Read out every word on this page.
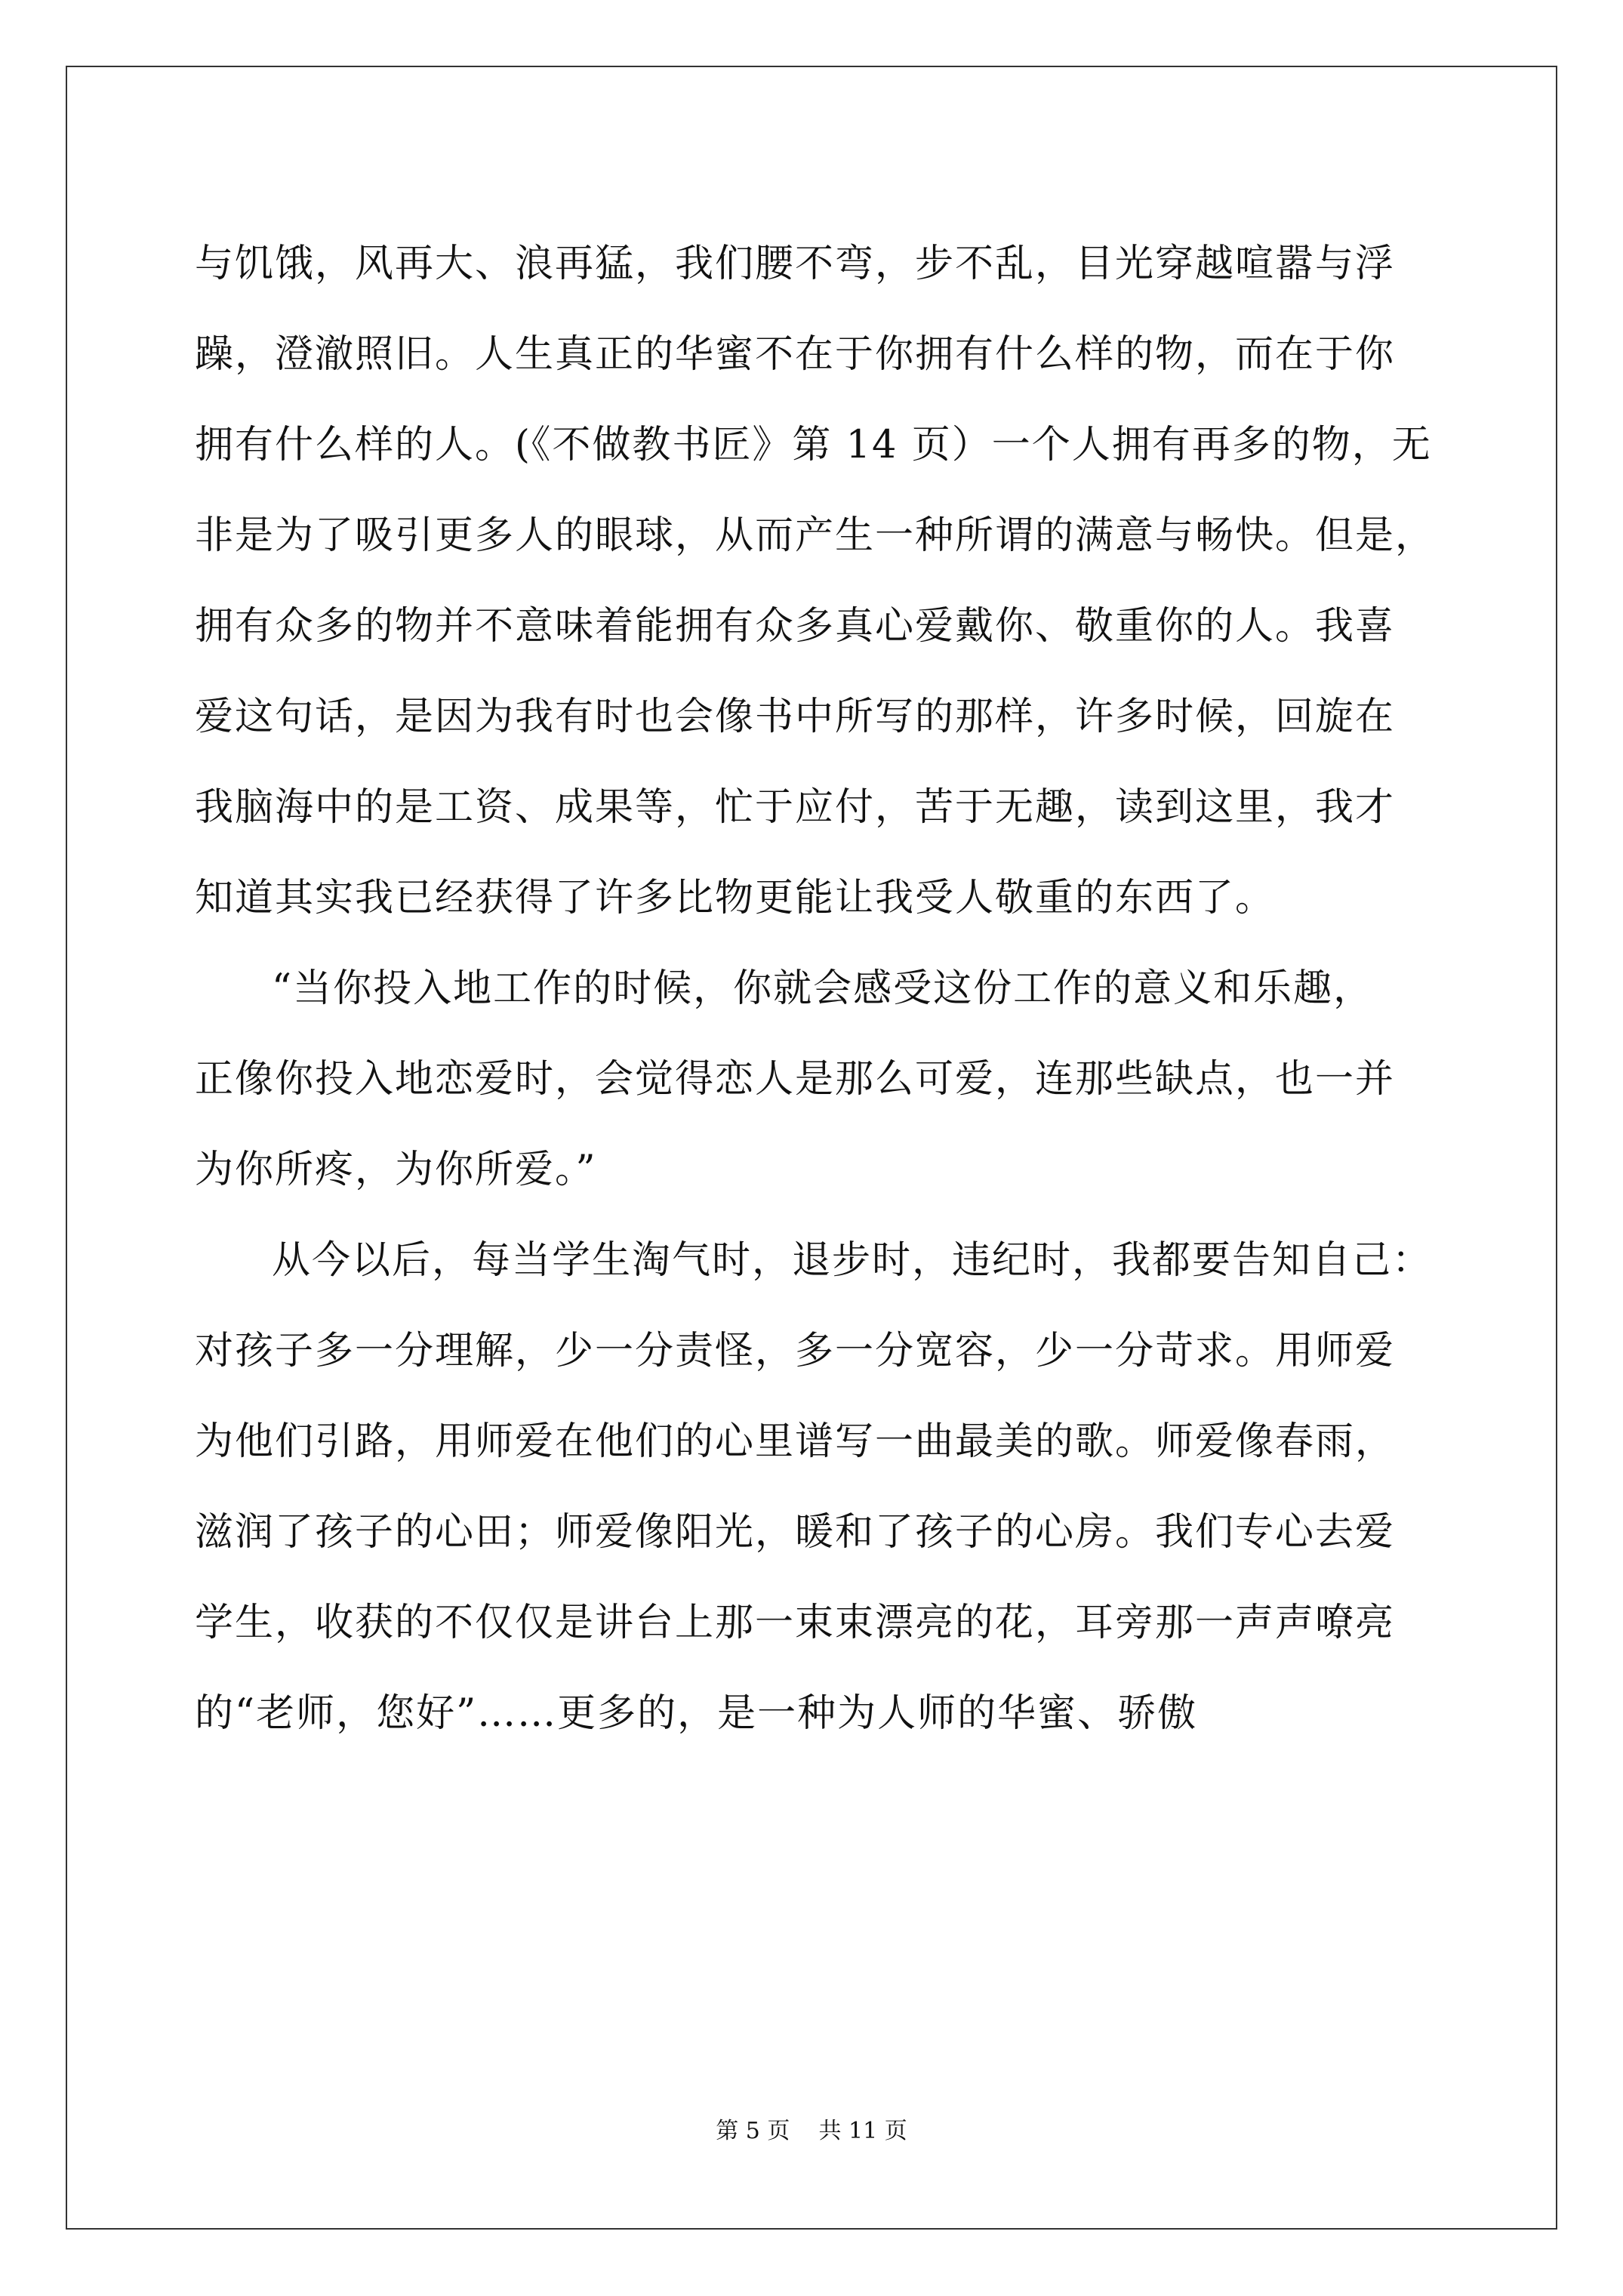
与饥饿，风再大、浪再猛，我们腰不弯，步不乱，目光穿越喧嚣与浮
躁，澄澈照旧。人生真正的华蜜不在于你拥有什么样的物，而在于你
拥有什么样的人。(《不做教书匠》第 14 页）一个人拥有再多的物，无
非是为了吸引更多人的眼球，从而产生一种所谓的满意与畅快。但是，
拥有众多的物并不意味着能拥有众多真心爱戴你、敬重你的人。我喜
爱这句话，是因为我有时也会像书中所写的那样，许多时候，回旋在
我脑海中的是工资、成果等，忙于应付，苦于无趣，读到这里，我才
知道其实我已经获得了许多比物更能让我受人敬重的东西了。
“当你投入地工作的时候，你就会感受这份工作的意义和乐趣，
正像你投入地恋爱时，会觉得恋人是那么可爱，连那些缺点，也一并
为你所疼，为你所爱。”
从今以后，每当学生淘气时，退步时，违纪时，我都要告知自己：
对孩子多一分理解，少一分责怪，多一分宽容，少一分苛求。用师爱
为他们引路，用师爱在他们的心里谱写一曲最美的歌。师爱像春雨，
滋润了孩子的心田；师爱像阳光，暖和了孩子的心房。我们专心去爱
学生，收获的不仅仅是讲台上那一束束漂亮的花，耳旁那一声声嘹亮
的“老师，您好”……更多的，是一种为人师的华蜜、骄傲
第 5 页    共 11 页
